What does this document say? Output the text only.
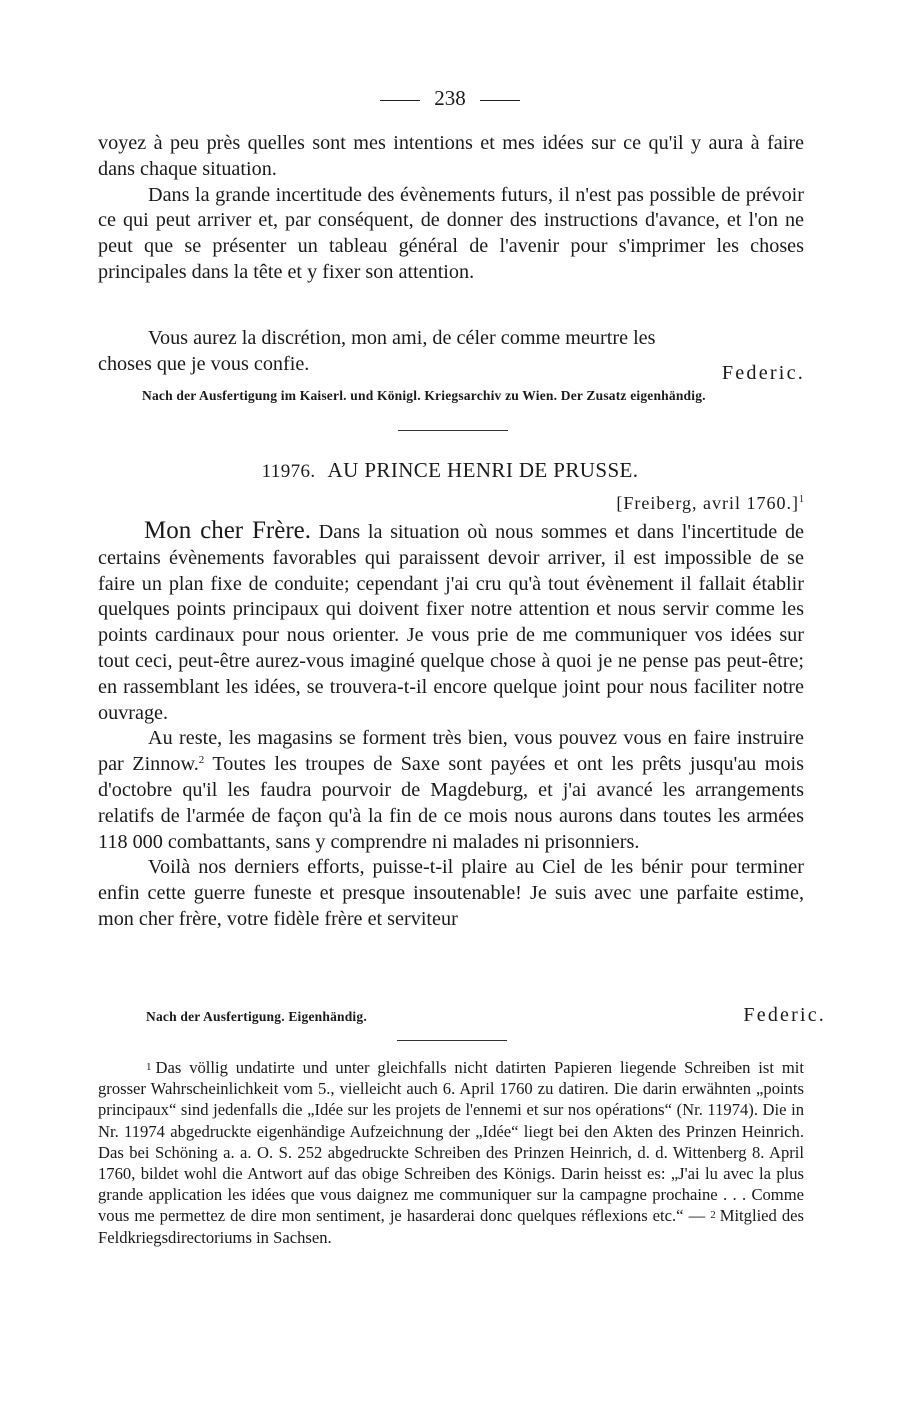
238

voyez à peu près quelles sont mes intentions et mes idées sur ce qu'il y aura à faire dans chaque situation.

Dans la grande incertitude des évènements futurs, il n'est pas possible de prévoir ce qui peut arriver et, par conséquent, de donner des instructions d'avance, et l'on ne peut que se présenter un tableau général de l'avenir pour s'imprimer les choses principales dans la tête et y fixer son attention.

Vous aurez la discrétion, mon ami, de céler comme meurtre les choses que je vous confie.	Federic.
Nach der Ausfertigung im Kaiserl. und Königl. Kriegsarchiv zu Wien. Der Zusatz eigenhändig.
11976. AU PRINCE HENRI DE PRUSSE.
[Freiberg, avril 1760.]$^1$

Mon cher Frère. Dans la situation où nous sommes et dans l'incertitude de certains évènements favorables qui paraissent devoir arriver, il est impossible de se faire un plan fixe de conduite; cependant j'ai cru qu'à tout évènement il fallait établir quelques points principaux qui doivent fixer notre attention et nous servir comme les points cardinaux pour nous orienter. Je vous prie de me communiquer vos idées sur tout ceci, peut-être aurez-vous imaginé quelque chose à quoi je ne pense pas peut-être; en rassemblant les idées, se trouvera-t-il encore quelque joint pour nous faciliter notre ouvrage.

Au reste, les magasins se forment très bien, vous pouvez vous en faire instruire par Zinnow.$^2$ Toutes les troupes de Saxe sont payées et ont les prêts jusqu'au mois d'octobre qu'il les faudra pourvoir de Magdeburg, et j'ai avancé les arrangements relatifs de l'armée de façon qu'à la fin de ce mois nous aurons dans toutes les armées 118 000 combattants, sans y comprendre ni malades ni prisonniers.

Voilà nos derniers efforts, puisse-t-il plaire au Ciel de les bénir pour terminer enfin cette guerre funeste et presque insoutenable! Je suis avec une parfaite estime, mon cher frère, votre fidèle frère et serviteur

Nach der Ausfertigung. Eigenhändig.	Federic.

1 Das völlig undatirte und unter gleichfalls nicht datirten Papieren liegende Schreiben ist mit grosser Wahrscheinlichkeit vom 5., vielleicht auch 6. April 1760 zu datiren. Die darin erwähnten „points principaux“ sind jedenfalls die „Idée sur les projets de l'ennemi et sur nos opérations“ (Nr. 11974). Die in Nr. 11974 abgedruckte eigenhändige Aufzeichnung der „Idée“ liegt bei den Akten des Prinzen Heinrich. Das bei Schöning a. a. O. S. 252 abgedruckte Schreiben des Prinzen Heinrich, d. d. Wittenberg 8. April 1760, bildet wohl die Antwort auf das obige Schreiben des Königs. Darin heisst es: „J'ai lu avec la plus grande application les idées que vous daignez me communiquer sur la campagne prochaine . . . Comme vous me permettez de dire mon sentiment, je hasarderai donc quelques réflexions etc.“ — 2 Mitglied des Feldkriegsdirectoriums in Sachsen.
